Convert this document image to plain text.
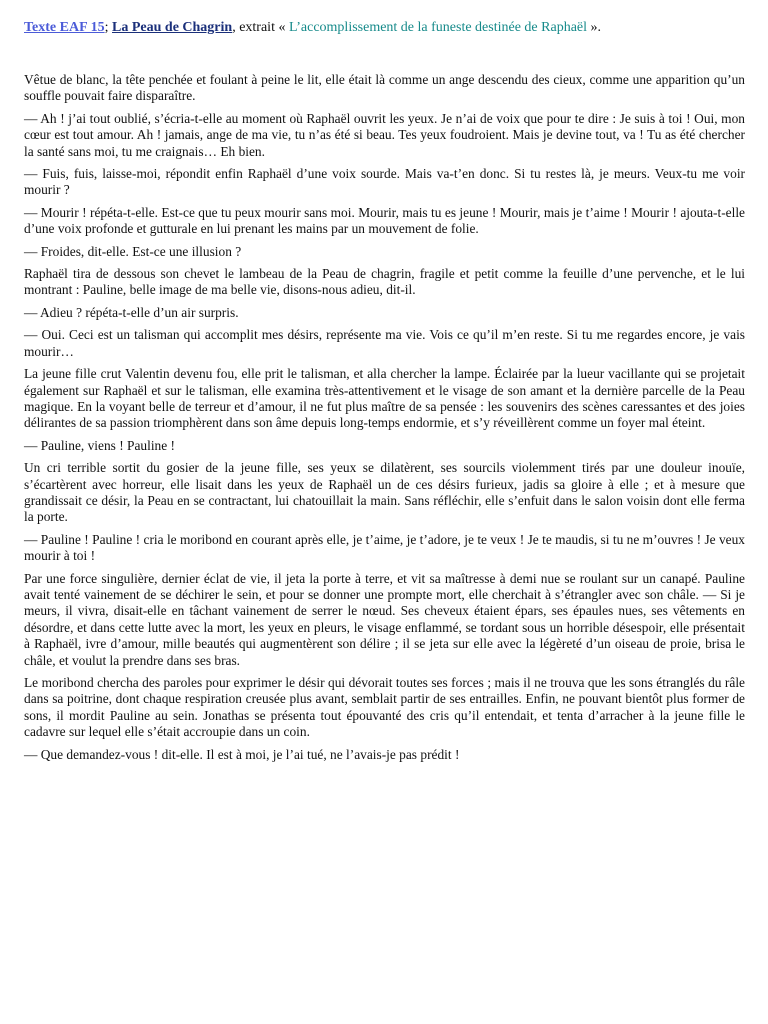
Texte EAF 15; La Peau de Chagrin, extrait « L’accomplissement de la funeste destinée de Raphaël ».

Vêtue de blanc, la tête penchée et foulant à peine le lit, elle était là comme un ange descendu des cieux, comme une apparition qu’un souffle pouvait faire disparaître.

— Ah ! j’ai tout oublié, s’écria-t-elle au moment où Raphaël ouvrit les yeux. Je n’ai de voix que pour te dire : Je suis à toi ! Oui, mon cœur est tout amour. Ah ! jamais, ange de ma vie, tu n’as été si beau. Tes yeux foudroient. Mais je devine tout, va ! Tu as été chercher la santé sans moi, tu me craignais… Eh bien.

— Fuis, fuis, laisse-moi, répondit enfin Raphaël d’une voix sourde. Mais va-t’en donc. Si tu restes là, je meurs. Veux-tu me voir mourir ?

— Mourir ! répéta-t-elle. Est-ce que tu peux mourir sans moi. Mourir, mais tu es jeune ! Mourir, mais je t’aime ! Mourir ! ajouta-t-elle d’une voix profonde et gutturale en lui prenant les mains par un mouvement de folie.

— Froides, dit-elle. Est-ce une illusion ?

Raphaël tira de dessous son chevet le lambeau de la Peau de chagrin, fragile et petit comme la feuille d’une pervenche, et le lui montrant : Pauline, belle image de ma belle vie, disons-nous adieu, dit-il.

— Adieu ? répéta-t-elle d’un air surpris.

— Oui. Ceci est un talisman qui accomplit mes désirs, représente ma vie. Vois ce qu’il m’en reste. Si tu me regardes encore, je vais mourir…

La jeune fille crut Valentin devenu fou, elle prit le talisman, et alla chercher la lampe. Éclairée par la lueur vacillante qui se projetait également sur Raphaël et sur le talisman, elle examina très-attentivement et le visage de son amant et la dernière parcelle de la Peau magique. En la voyant belle de terreur et d’amour, il ne fut plus maître de sa pensée : les souvenirs des scènes caressantes et des joies délirantes de sa passion triomphèrent dans son âme depuis long-temps endormie, et s’y réveillèrent comme un foyer mal éteint.

— Pauline, viens ! Pauline !

Un cri terrible sortit du gosier de la jeune fille, ses yeux se dilatèrent, ses sourcils violemment tirés par une douleur inouïe, s’écartèrent avec horreur, elle lisait dans les yeux de Raphaël un de ces désirs furieux, jadis sa gloire à elle ; et à mesure que grandissait ce désir, la Peau en se contractant, lui chatouillait la main. Sans réfléchir, elle s’enfuit dans le salon voisin dont elle ferma la porte.

— Pauline ! Pauline ! cria le moribond en courant après elle, je t’aime, je t’adore, je te veux ! Je te maudis, si tu ne m’ouvres ! Je veux mourir à toi !

Par une force singulière, dernier éclat de vie, il jeta la porte à terre, et vit sa maîtresse à demi nue se roulant sur un canapé. Pauline avait tenté vainement de se déchirer le sein, et pour se donner une prompte mort, elle cherchait à s’étrangler avec son châle. — Si je meurs, il vivra, disait-elle en tâchant vainement de serrer le nœud. Ses cheveux étaient épars, ses épaules nues, ses vêtements en désordre, et dans cette lutte avec la mort, les yeux en pleurs, le visage enflammé, se tordant sous un horrible désespoir, elle présentait à Raphaël, ivre d’amour, mille beautés qui augmentèrent son délire ; il se jeta sur elle avec la légèreté d’un oiseau de proie, brisa le châle, et voulut la prendre dans ses bras.

Le moribond chercha des paroles pour exprimer le désir qui dévorait toutes ses forces ; mais il ne trouva que les sons étranglés du râle dans sa poitrine, dont chaque respiration creusée plus avant, semblait partir de ses entrailles. Enfin, ne pouvant bientôt plus former de sons, il mordit Pauline au sein. Jonathas se présenta tout épouvanté des cris qu’il entendait, et tenta d’arracher à la jeune fille le cadavre sur lequel elle s’était accroupie dans un coin.

— Que demandez-vous ! dit-elle. Il est à moi, je l’ai tué, ne l’avais-je pas prédit !
